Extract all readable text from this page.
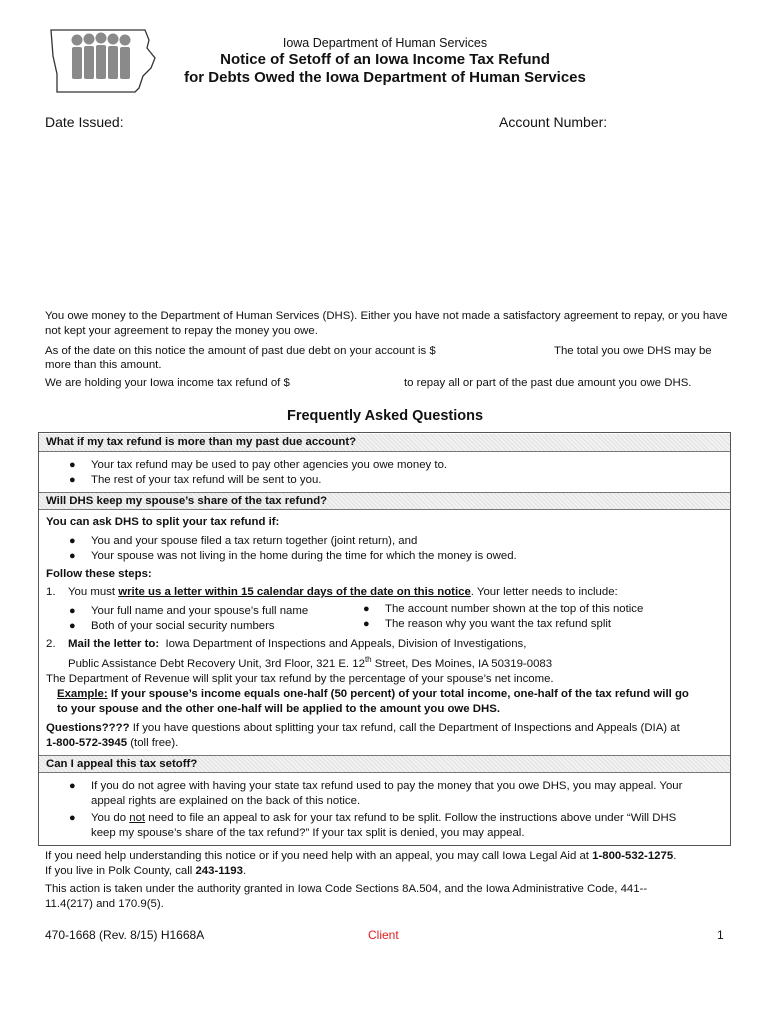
Iowa Department of Human Services
Notice of Setoff of an Iowa Income Tax Refund
for Debts Owed the Iowa Department of Human Services
Date Issued:	Account Number:
You owe money to the Department of Human Services (DHS). Either you have not made a satisfactory agreement to repay, or you have not kept your agreement to repay the money you owe.
As of the date on this notice the amount of past due debt on your account is $	The total you owe DHS may be
more than this amount.
We are holding your Iowa income tax refund of $	to repay all or part of the past due amount you owe DHS.
Frequently Asked Questions
What if my tax refund is more than my past due account?
● Your tax refund may be used to pay other agencies you owe money to.
● The rest of your tax refund will be sent to you.
Will DHS keep my spouse’s share of the tax refund?
You can ask DHS to split your tax refund if:
● You and your spouse filed a tax return together (joint return), and
● Your spouse was not living in the home during the time for which the money is owed.
Follow these steps:
1. You must write us a letter within 15 calendar days of the date on this notice. Your letter needs to include:
● Your full name and your spouse’s full name
● Both of your social security numbers
● The account number shown at the top of this notice
● The reason why you want the tax refund split
2. Mail the letter to: Iowa Department of Inspections and Appeals, Division of Investigations,
Public Assistance Debt Recovery Unit, 3rd Floor, 321 E. 12th Street, Des Moines, IA 50319-0083
The Department of Revenue will split your tax refund by the percentage of your spouse’s net income.
Example: If your spouse’s income equals one-half (50 percent) of your total income, one-half of the tax refund will go
to your spouse and the other one-half will be applied to the amount you owe DHS.
Questions???? If you have questions about splitting your tax refund, call the Department of Inspections and Appeals (DIA) at
1-800-572-3945 (toll free).
Can I appeal this tax setoff?
● If you do not agree with having your state tax refund used to pay the money that you owe DHS, you may appeal. Your
appeal rights are explained on the back of this notice.
● You do not need to file an appeal to ask for your tax refund to be split. Follow the instructions above under “Will DHS
keep my spouse’s share of the tax refund?” If your tax split is denied, you may appeal.
If you need help understanding this notice or if you need help with an appeal, you may call Iowa Legal Aid at 1-800-532-1275.
If you live in Polk County, call 243-1193.
This action is taken under the authority granted in Iowa Code Sections 8A.504, and the Iowa Administrative Code, 441--
11.4(217) and 170.9(5).
470-1668 (Rev. 8/15) H1668A	Client	1
